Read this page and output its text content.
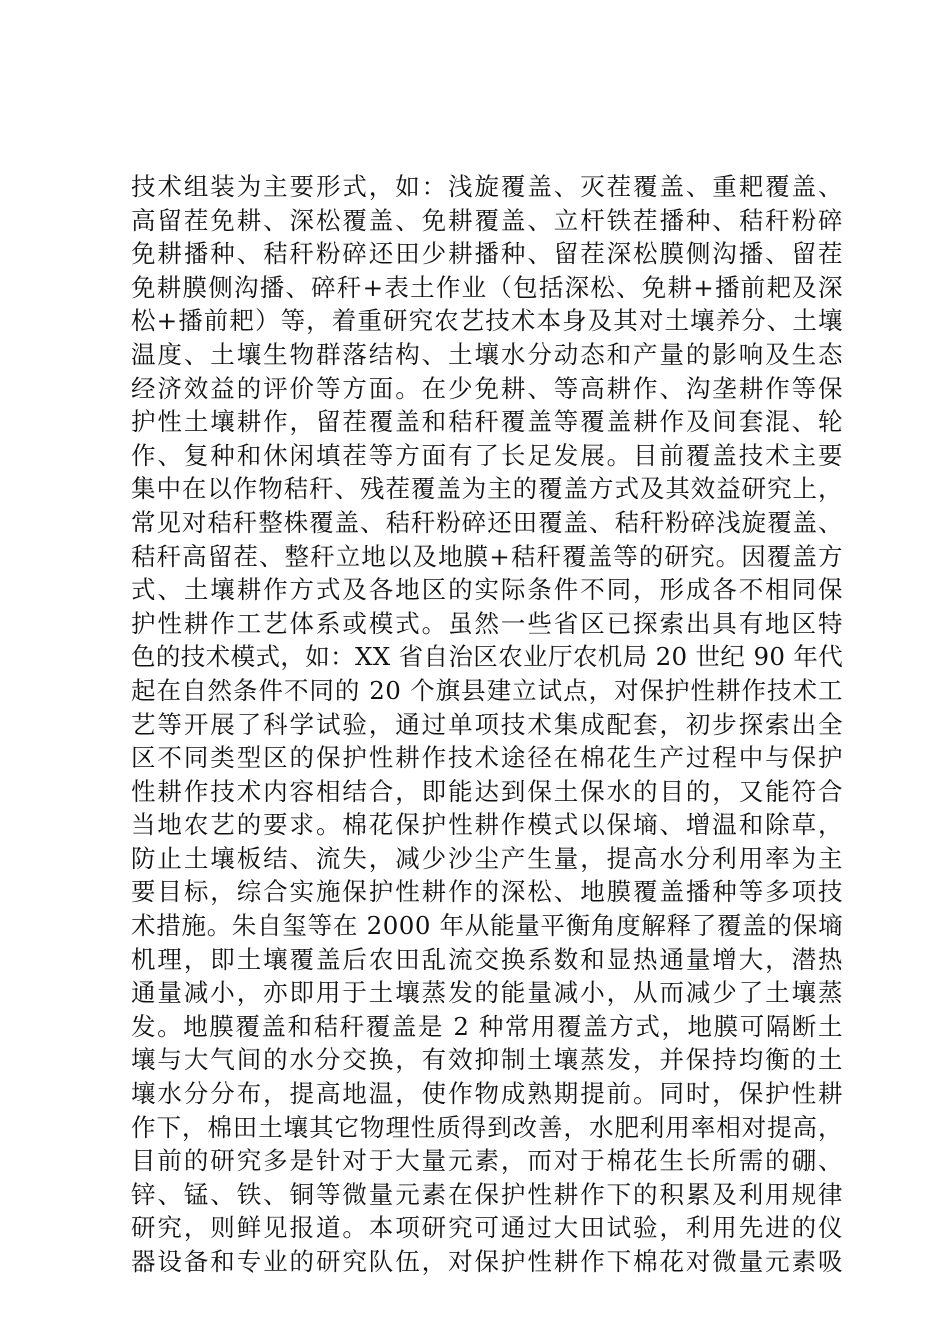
技术组装为主要形式，如：浅旋覆盖、灭茬覆盖、重耙覆盖、
高留茬免耕、深松覆盖、免耕覆盖、立杆铁茬播种、秸秆粉碎
免耕播种、秸秆粉碎还田少耕播种、留茬深松膜侧沟播、留茬
免耕膜侧沟播、碎秆+表土作业（包括深松、免耕+播前耙及深
松+播前耙）等，着重研究农艺技术本身及其对土壤养分、土壤
温度、土壤生物群落结构、土壤水分动态和产量的影响及生态
经济效益的评价等方面。在少免耕、等高耕作、沟垄耕作等保
护性土壤耕作，留茬覆盖和秸秆覆盖等覆盖耕作及间套混、轮
作、复种和休闲填茬等方面有了长足发展。目前覆盖技术主要
集中在以作物秸秆、残茬覆盖为主的覆盖方式及其效益研究上，
常见对秸秆整株覆盖、秸秆粉碎还田覆盖、秸秆粉碎浅旋覆盖、
秸秆高留茬、整秆立地以及地膜+秸秆覆盖等的研究。因覆盖方
式、土壤耕作方式及各地区的实际条件不同，形成各不相同保
护性耕作工艺体系或模式。虽然一些省区已探索出具有地区特
色的技术模式，如：XX 省自治区农业厅农机局 20 世纪 90 年代
起在自然条件不同的 20 个旗县建立试点，对保护性耕作技术工
艺等开展了科学试验，通过单项技术集成配套，初步探索出全
区不同类型区的保护性耕作技术途径在棉花生产过程中与保护
性耕作技术内容相结合，即能达到保土保水的目的，又能符合
当地农艺的要求。棉花保护性耕作模式以保墒、增温和除草，
防止土壤板结、流失，减少沙尘产生量，提高水分利用率为主
要目标，综合实施保护性耕作的深松、地膜覆盖播种等多项技
术措施。朱自玺等在 2000 年从能量平衡角度解释了覆盖的保墒
机理，即土壤覆盖后农田乱流交换系数和显热通量增大，潜热
通量减小，亦即用于土壤蒸发的能量减小，从而减少了土壤蒸
发。地膜覆盖和秸秆覆盖是 2 种常用覆盖方式，地膜可隔断土
壤与大气间的水分交换，有效抑制土壤蒸发，并保持均衡的土
壤水分分布，提高地温，使作物成熟期提前。同时，保护性耕
作下，棉田土壤其它物理性质得到改善，水肥利用率相对提高，
目前的研究多是针对于大量元素，而对于棉花生长所需的硼、
锌、锰、铁、铜等微量元素在保护性耕作下的积累及利用规律
研究，则鲜见报道。本项研究可通过大田试验，利用先进的仪
器设备和专业的研究队伍，对保护性耕作下棉花对微量元素吸
